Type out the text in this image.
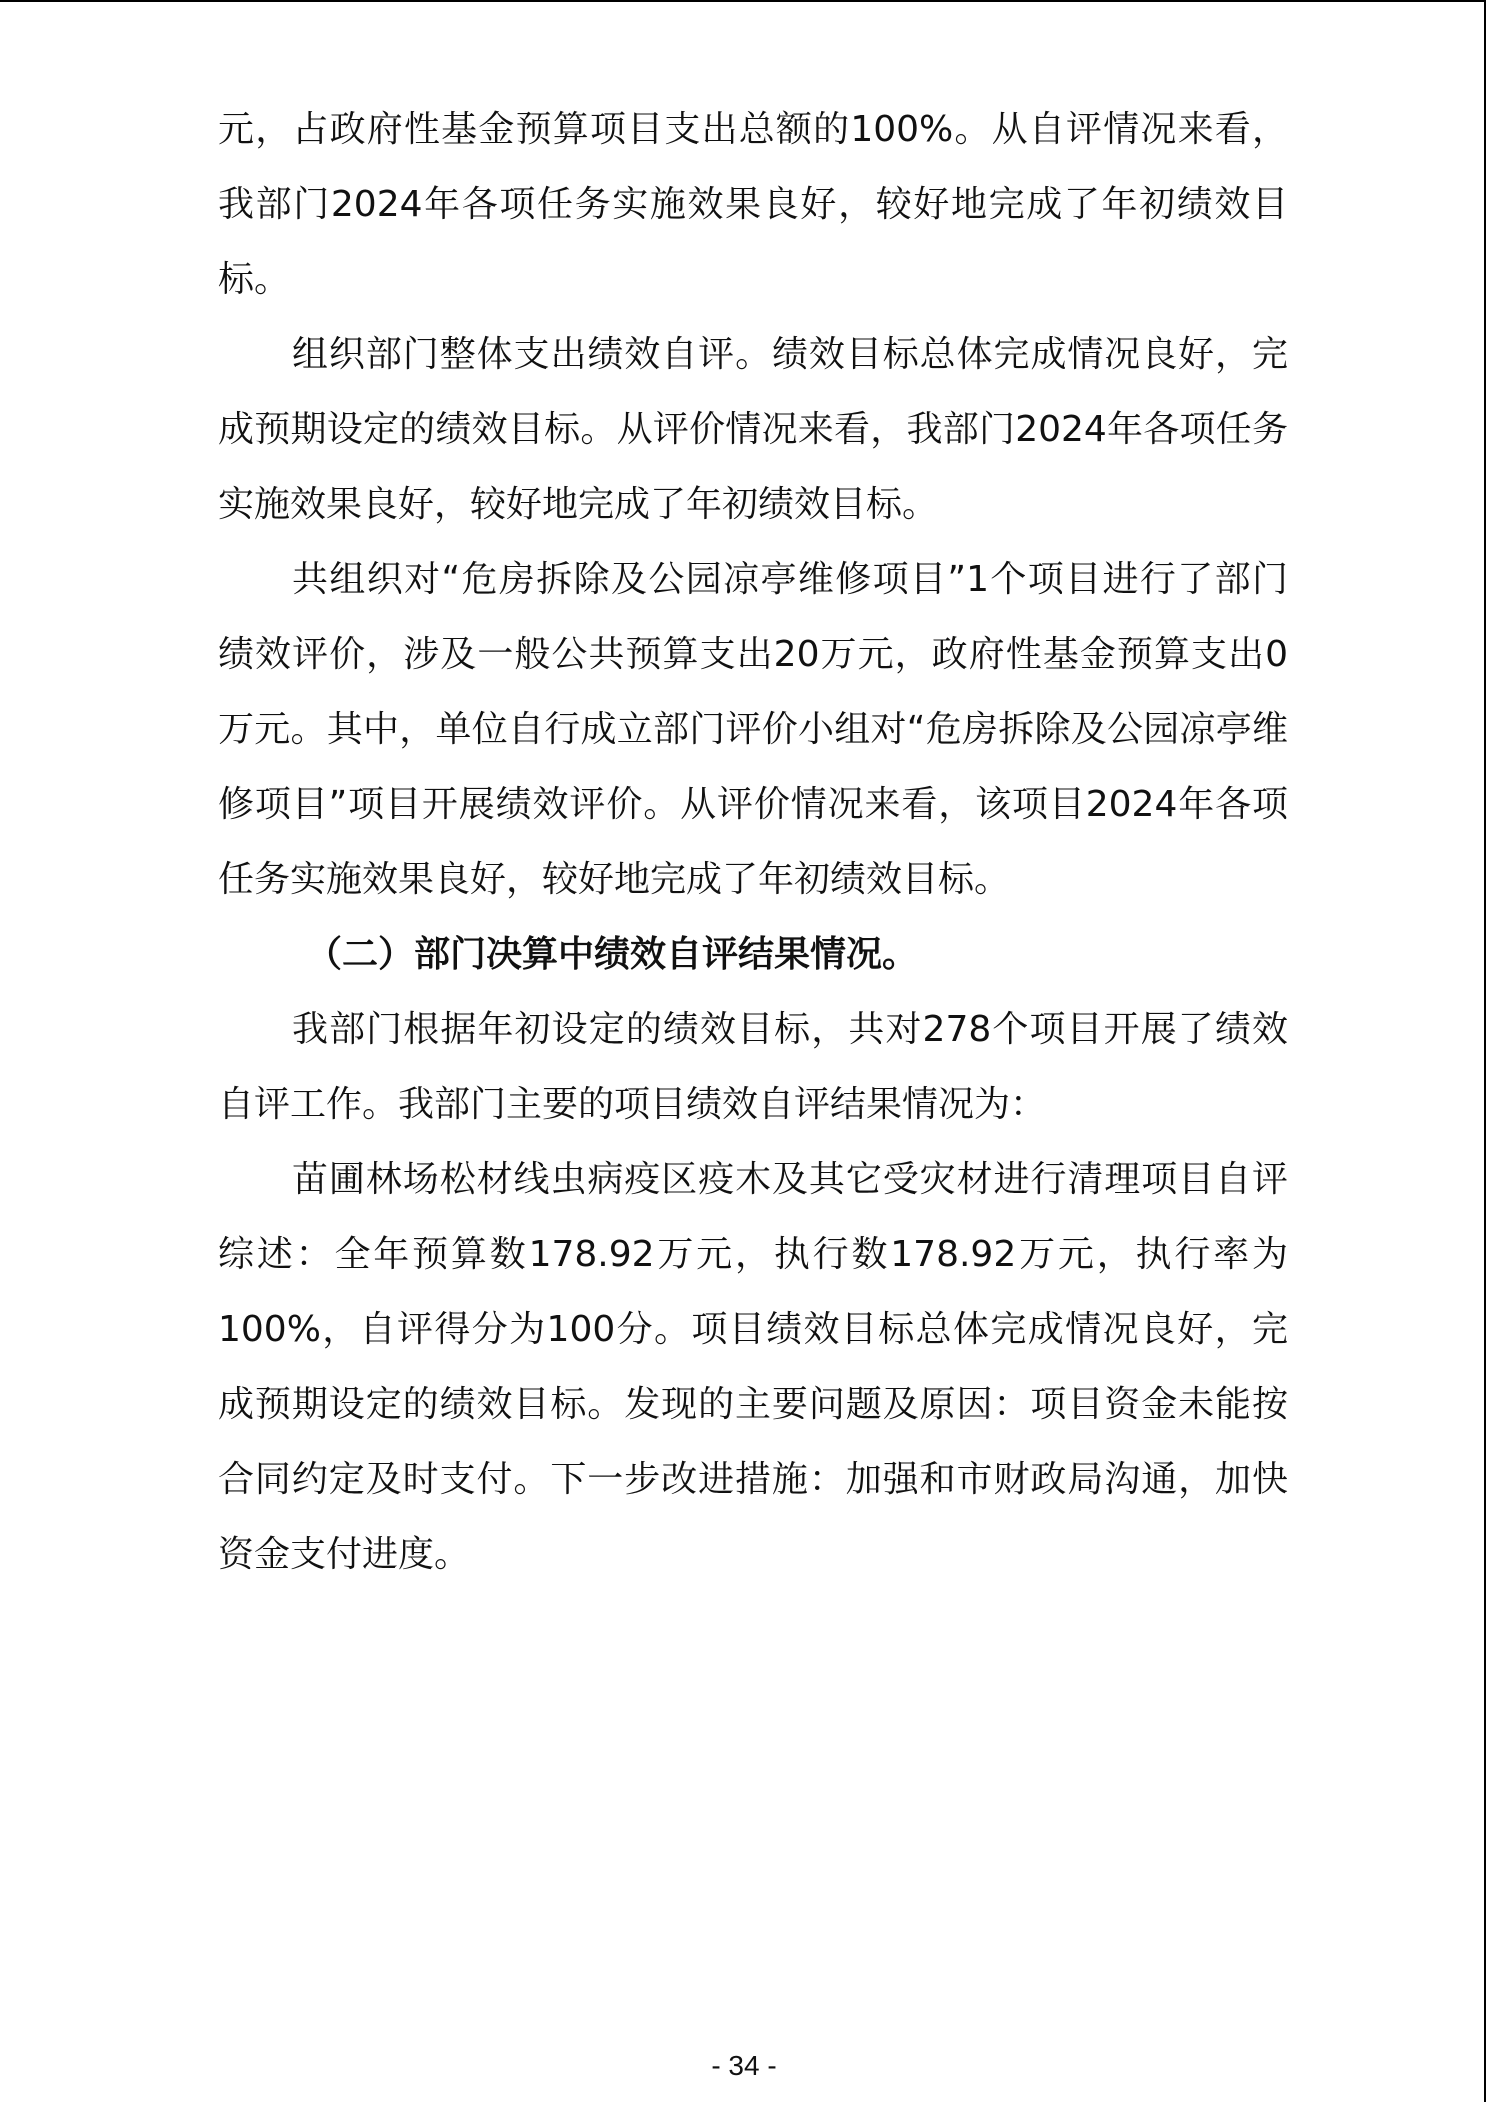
元，占政府性基金预算项目支出总额的100%。从自评情况来看，我部门2024年各项任务实施效果良好，较好地完成了年初绩效目标。

组织部门整体支出绩效自评。绩效目标总体完成情况良好，完成预期设定的绩效目标。从评价情况来看，我部门2024年各项任务实施效果良好，较好地完成了年初绩效目标。

共组织对“危房拆除及公园凉亭维修项目”1个项目进行了部门绩效评价，涉及一般公共预算支出20万元，政府性基金预算支出0万元。其中，单位自行成立部门评价小组对“危房拆除及公园凉亭维修项目”项目开展绩效评价。从评价情况来看，该项目2024年各项任务实施效果良好，较好地完成了年初绩效目标。

（二）部门决算中绩效自评结果情况。

我部门根据年初设定的绩效目标，共对278个项目开展了绩效自评工作。我部门主要的项目绩效自评结果情况为：

苗圃林场松材线虫病疫区疫木及其它受灾材进行清理项目自评综述：全年预算数178.92万元，执行数178.92万元，执行率为100%，自评得分为100分。项目绩效目标总体完成情况良好，完成预期设定的绩效目标。发现的主要问题及原因：项目资金未能按合同约定及时支付。下一步改进措施：加强和市财政局沟通，加快资金支付进度。

- 34 -
